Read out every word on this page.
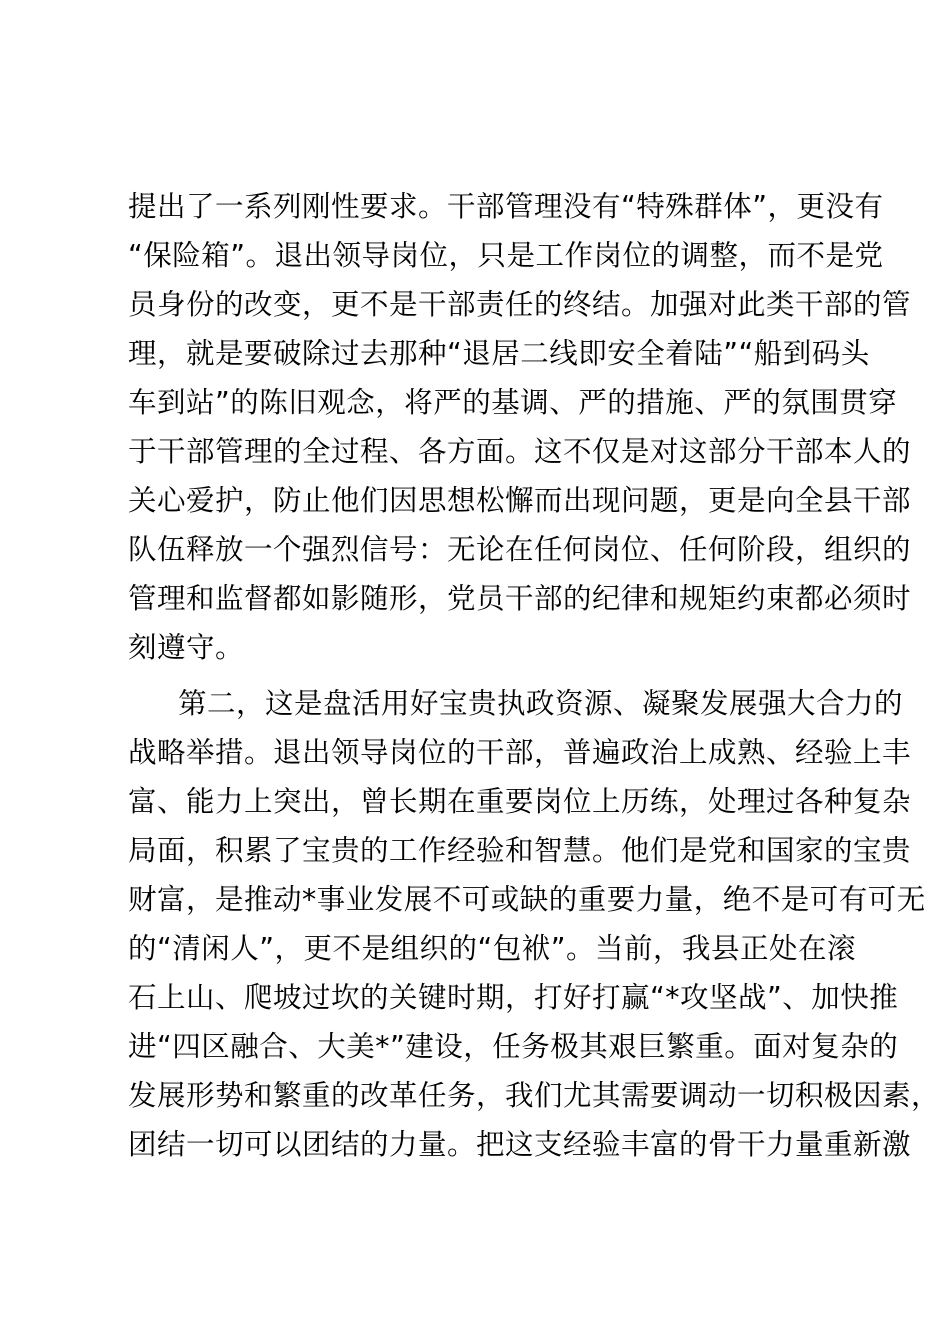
提出了一系列刚性要求。干部管理没有“特殊群体”，更没有
“保险箱”。退出领导岗位，只是工作岗位的调整，而不是党
员身份的改变，更不是干部责任的终结。加强对此类干部的管
理，就是要破除过去那种“退居二线即安全着陆”“船到码头
车到站”的陈旧观念，将严的基调、严的措施、严的氛围贯穿
于干部管理的全过程、各方面。这不仅是对这部分干部本人的
关心爱护，防止他们因思想松懈而出现问题，更是向全县干部
队伍释放一个强烈信号：无论在任何岗位、任何阶段，组织的
管理和监督都如影随形，党员干部的纪律和规矩约束都必须时
刻遵守。
第二，这是盘活用好宝贵执政资源、凝聚发展强大合力的
战略举措。退出领导岗位的干部，普遍政治上成熟、经验上丰
富、能力上突出，曾长期在重要岗位上历练，处理过各种复杂
局面，积累了宝贵的工作经验和智慧。他们是党和国家的宝贵
财富，是推动*事业发展不可或缺的重要力量，绝不是可有可无
的“清闲人”，更不是组织的“包袱”。当前，我县正处在滚
石上山、爬坡过坎的关键时期，打好打赢“*攻坚战”、加快推
进“四区融合、大美*”建设，任务极其艰巨繁重。面对复杂的
发展形势和繁重的改革任务，我们尤其需要调动一切积极因素，
团结一切可以团结的力量。把这支经验丰富的骨干力量重新激
